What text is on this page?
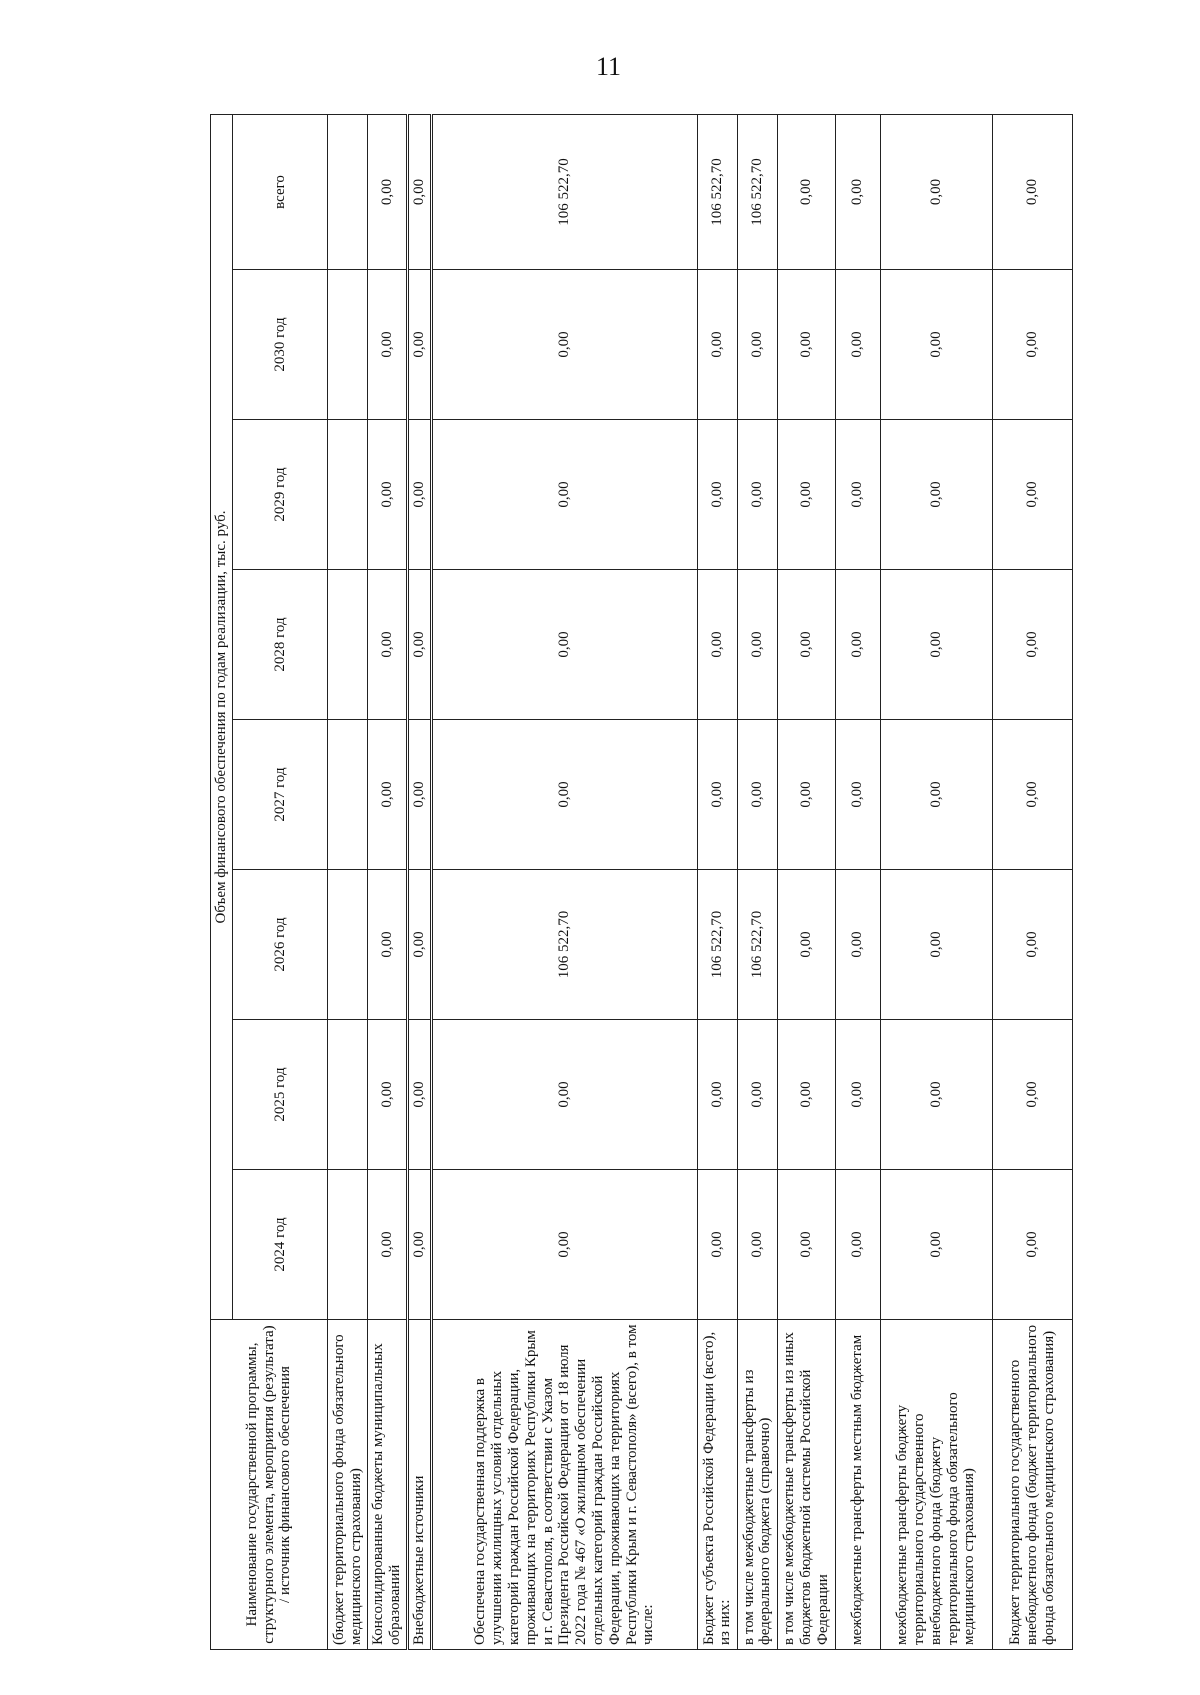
11
Наименование государственной программы, структурного элемента, мероприятия (результата) / источник финансового обеспечения	Объем финансового обеспечения по годам реализации, тыс. руб.							
	2024 год	2025 год	2026 год	2027 год	2028 год	2029 год	2030 год	всего
(бюджет территориального фонда обязательного медицинского страхования)								
Консолидированные бюджеты муниципальных образований	0,00	0,00	0,00	0,00	0,00	0,00	0,00	0,00
Внебюджетные источники	0,00	0,00	0,00	0,00	0,00	0,00	0,00	0,00
Обеспечена государственная поддержка в улучшении жилищных условий отдельных категорий граждан Российской Федерации, проживающих на территориях Республики Крым и г. Севастополя, в соответствии с Указом Президента Российской Федерации от 18 июля 2022 года № 467 «О жилищном обеспечении отдельных категорий граждан Российской Федерации, проживающих на территориях Республики Крым и г. Севастополя» (всего), в том числе:	0,00	0,00	106 522,70	0,00	0,00	0,00	0,00	106 522,70
Бюджет субъекта Российской Федерации (всего), из них:	0,00	0,00	106 522,70	0,00	0,00	0,00	0,00	106 522,70
в том числе межбюджетные трансферты из федерального бюджета (справочно)	0,00	0,00	106 522,70	0,00	0,00	0,00	0,00	106 522,70
в том числе межбюджетные трансферты из иных бюджетов бюджетной системы Российской Федерации	0,00	0,00	0,00	0,00	0,00	0,00	0,00	0,00
межбюджетные трансферты местным бюджетам	0,00	0,00	0,00	0,00	0,00	0,00	0,00	0,00
межбюджетные трансферты бюджету территориального государственного внебюджетного фонда (бюджету территориального фонда обязательного медицинского страхования)	0,00	0,00	0,00	0,00	0,00	0,00	0,00	0,00
Бюджет территориального государственного внебюджетного фонда (бюджет территориального фонда обязательного медицинского страхования)	0,00	0,00	0,00	0,00	0,00	0,00	0,00	0,00
